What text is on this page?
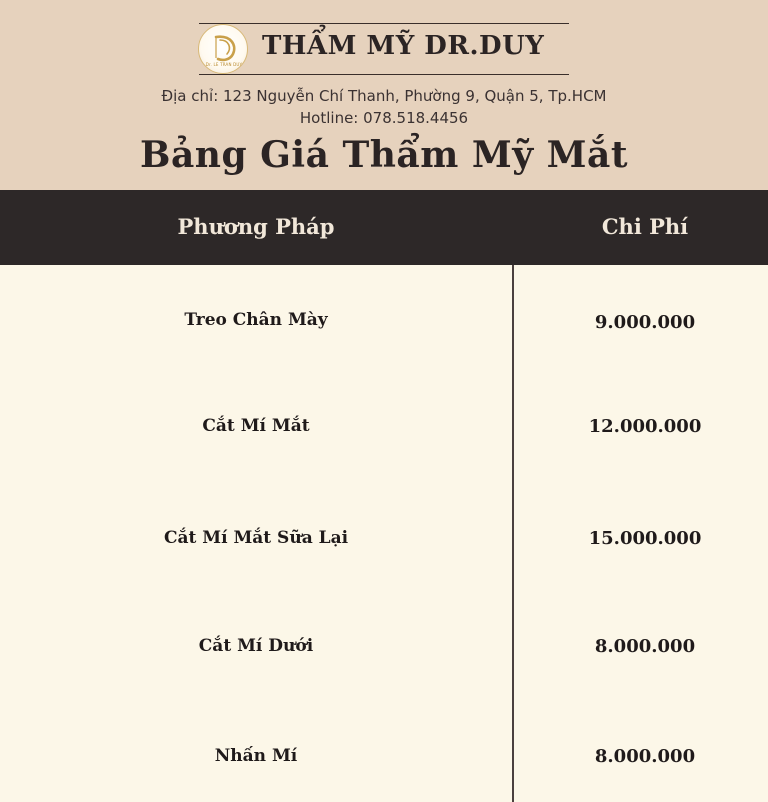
Dr. LE TRAN DUY
THẨM MỸ DR.DUY
Địa chỉ: 123 Nguyễn Chí Thanh, Phường 9, Quận 5, Tp.HCM
Hotline: 078.518.4456
Bảng Giá Thẩm Mỹ Mắt
Phương Pháp	Chi Phí
Treo Chân Mày	9.000.000
Cắt Mí Mắt	12.000.000
Cắt Mí Mắt Sữa Lại	15.000.000
Cắt Mí Dưới	8.000.000
Nhấn Mí	8.000.000
